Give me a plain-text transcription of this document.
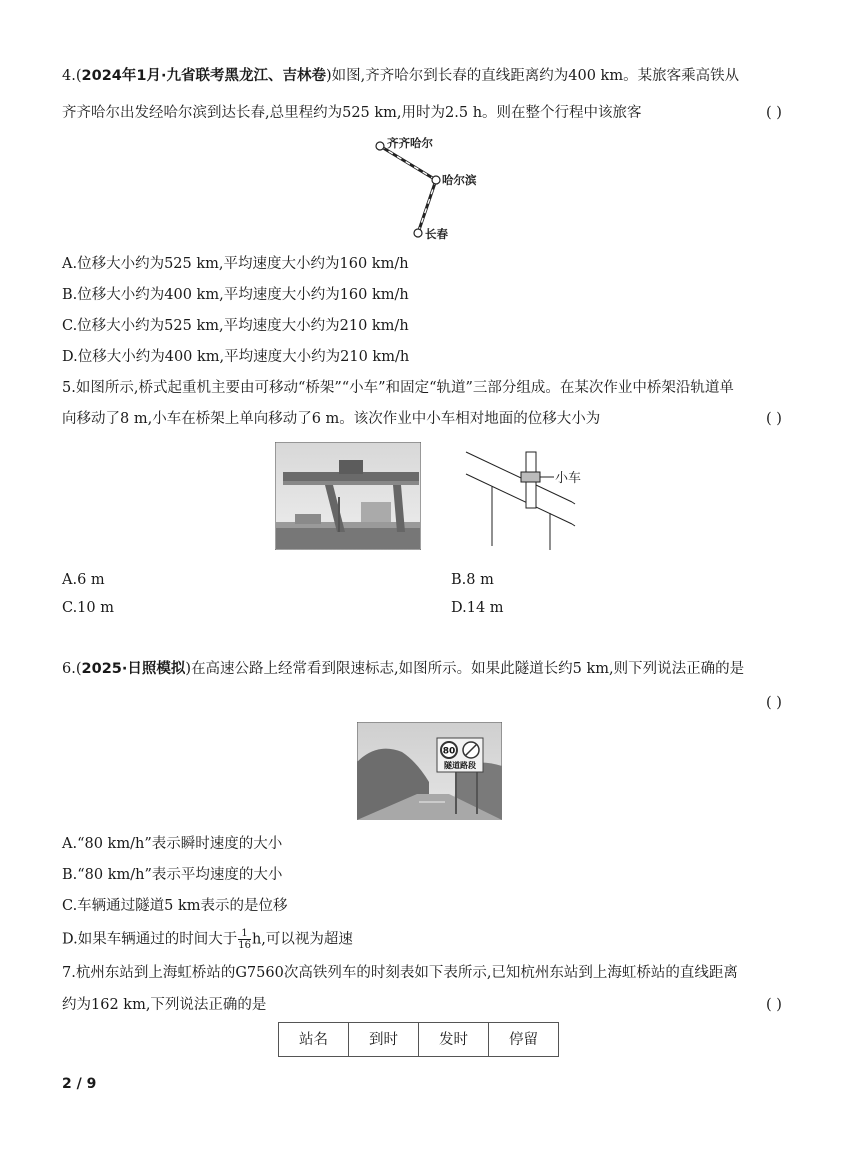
4.(2024年1月·九省联考黑龙江、吉林卷)如图,齐齐哈尔到长春的直线距离约为400 km。某旅客乘高铁从
齐齐哈尔出发经哈尔滨到达长春,总里程约为525 km,用时为2.5 h。则在整个行程中该旅客	( )
齐齐哈尔
哈尔滨
长春
A.位移大小约为525 km,平均速度大小约为160 km/h
B.位移大小约为400 km,平均速度大小约为160 km/h
C.位移大小约为525 km,平均速度大小约为210 km/h
D.位移大小约为400 km,平均速度大小约为210 km/h
5.如图所示,桥式起重机主要由可移动“桥架”“小车”和固定“轨道”三部分组成。在某次作业中桥架沿轨道单
向移动了8 m,小车在桥架上单向移动了6 m。该次作业中小车相对地面的位移大小为	( )
小车
A.6 m	B.8 m
C.10 m	D.14 m
6.(2025·日照模拟)在高速公路上经常看到限速标志,如图所示。如果此隧道长约5 km,则下列说法正确的是
( )
80
隧道路段
A.“80 km/h”表示瞬时速度的大小
B.“80 km/h”表示平均速度的大小
C.车辆通过隧道5 km表示的是位移
D.如果车辆通过的时间大于 $\frac{1}{16} h$,可以视为超速
7.杭州东站到上海虹桥站的G7560次高铁列车的时刻表如下表所示,已知杭州东站到上海虹桥站的直线距离
约为162 km,下列说法正确的是	( )
站名	到时	发时	停留
2 / 9
